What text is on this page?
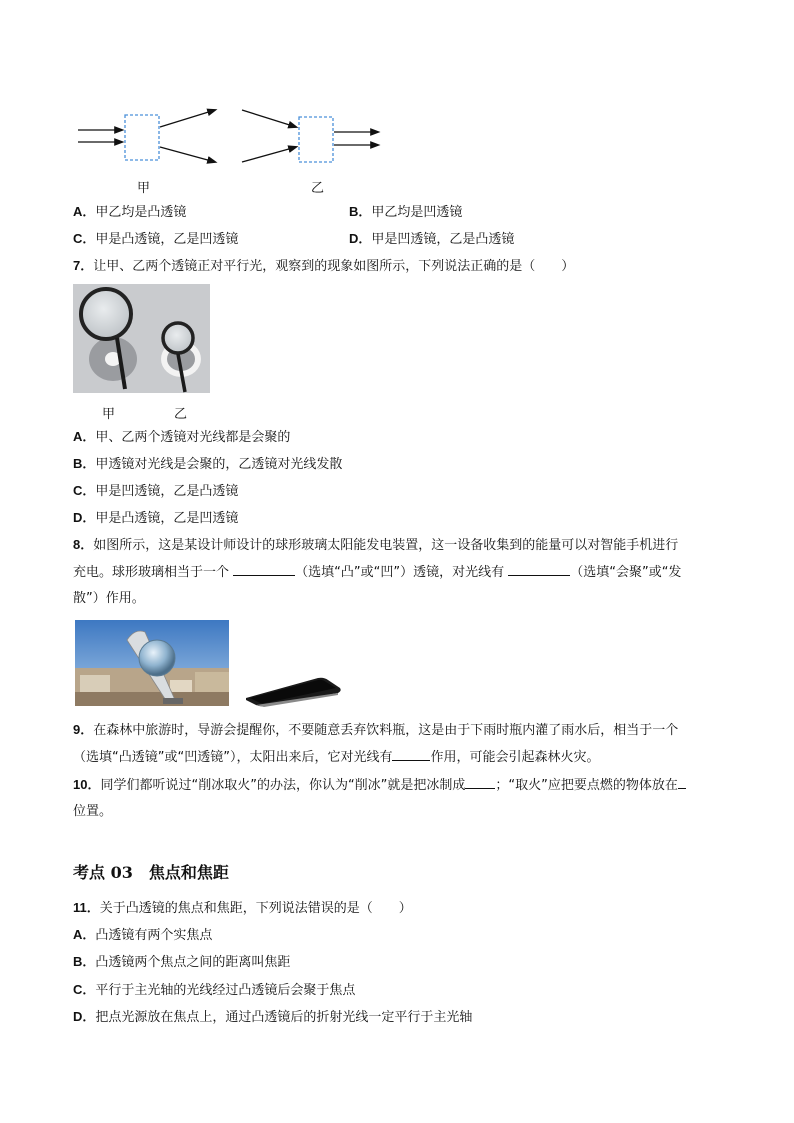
甲	乙
A．甲乙均是凸透镜	B．甲乙均是凹透镜
C．甲是凸透镜，乙是凹透镜	D．甲是凹透镜，乙是凸透镜
7．让甲、乙两个透镜正对平行光，观察到的现象如图所示，下列说法正确的是（　　）
甲	乙
A．甲、乙两个透镜对光线都是会聚的
B．甲透镜对光线是会聚的，乙透镜对光线发散
C．甲是凹透镜，乙是凸透镜
D．甲是凸透镜，乙是凹透镜
8．如图所示，这是某设计师设计的球形玻璃太阳能发电装置，这一设备收集到的能量可以对智能手机进行
充电。球形玻璃相当于一个	（选填“凸”或“凹”）透镜，对光线有	（选填“会聚”或“发
散”）作用。
9．在森林中旅游时，导游会提醒你，不要随意丢弃饮料瓶，这是由于下雨时瓶内灌了雨水后，相当于一个
（选填“凸透镜”或“凹透镜”），太阳出来后，它对光线有	作用，可能会引起森林火灾。
10．同学们都听说过“削冰取火”的办法，你认为“削冰”就是把冰制成 ；“取火”应把要点燃的物体放在
位置。
考点 03　焦点和焦距
11．关于凸透镜的焦点和焦距，下列说法错误的是（　　）
A．凸透镜有两个实焦点
B．凸透镜两个焦点之间的距离叫焦距
C．平行于主光轴的光线经过凸透镜后会聚于焦点
D．把点光源放在焦点上，通过凸透镜后的折射光线一定平行于主光轴
